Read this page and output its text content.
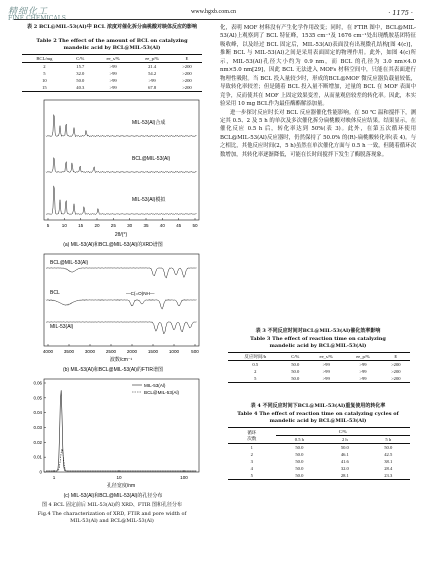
精细化工
FINE CHEMICALS
www.hgxb.com.cn	· 1175 ·
表 2 BCL@MIL-53(Al)中 BCL 浓度对催化拆分扁桃酸对映体反应的影响
Table 2 The effect of the amount of BCL on catalyzing
mandelic acid by BCL@MIL-53(Al)
BCL/mg	C/%	ee_s/%	ee_p/%	E
2	15.7	>99	21.4	>200
5	32.0	>99	54.2	>200
10	50.0	>99	>99	>200
15	40.3	>99	67.8	>200
MIL-53(Al)合成
BCL@MIL-53(Al)
MIL-53(Al)模拟
5	10 15 20 25 30 35 40 45 50
2θ/(°)
(a) MIL-53(Al)和BCL@MIL-53(Al)的XRD谱图
BCL@MIL-53(Al)
BCL
MIL-53(Al)
—C(=O)NH—
4000 3500 3000 2500 2000 1500 1000	500
波数/cm⁻¹
(b) MIL-53(Al)和BCL@MIL-53(Al)的FTIR谱图
0
0.01
0.02
0.03
0.04
0.05
0.06
1	10	100
MIL-53(Al)
BCL@MIL-53(Al)
孔径宽度/nm
(c) MIL-53(Al)和BCL@MIL-53(Al)的孔径分布
图 4 BCL 固定前后 MIL-53(Al)的 XRD、FTIR 图和孔径分布
Fig.4 The characterization of XRD, FTIR and pore width of
MIL-53(Al) and BCL@MIL-53(Al)

化，表明 MOF 材料没有产生化学作用改变；同时，在 FTIR 图中，BCL@MIL-53(Al)上观察到了 BCL 特征峰，1535 cm⁻¹及 1676 cm⁻¹处出现酰胺基团特征吸收峰，以及经过 BCL 固定后，MIL-53(Al)表面没有出现微孔结构[图 4(c)]，推断 BCL 与 MIL-53(Al)之间是采用表面固定的物理作用。此外，如图 4(c)所示，MIL-53(Al)孔径大小约为 0.9 nm，而 BCL 的孔径为 3.0 nm×4.0 nm×5.0 nm[29]，因此 BCL 无法进入 MOFs 材料空间中，只能在其表面进行物理性吸附。当 BCL 投入量较少时，形成的BCL@MOF 微反应器负载量较低，导致转化率较差；但是随着 BCL 投入量不断增加，过量的 BCL 在 MOF 表面中竞争，反而使其在 MOF 上固定效果变差，从而量观倍较差的转化率。因此，本实验采用 10 mg BCL作为最佳酶酯解添加量。

进一步探讨反应时长对 BCL 反应器催化性能影响。在 50 ℃ 温和搅拌下，测定其 0.5、2 及 5 h 的单次及多次催化拆分扁桃酸对映体反应结果。结果显示，在催化反应 0.5 h 后，转化率达到 50%(表 3)。此外，在第五次循环使用 BCL@MIL-53(Al)反应器时，仍然保持了 50.0% 的(R)-扁桃酸转化率(表 4)。与之相比，其他反应时间(2，5 h)虽然在单次催化方面与 0.5 h 一致，但随着循环次数增加，其转化率逐渐降低，可能在长时间搅拌下发生了酶脱落现象。

表 3 不同反应时间对BCL@MIL-53(Al)催化效率影响
Table 3 The effect of reaction time on catalyzing
mandelic acid by BCL@MIL-53(Al)
反应时间/h	C/%	ee_s/%	ee_p/%	E
0.5	50.0	>99	>99	>200
2	50.0	>99	>99	>200
5	50.0	>99	>99	>200
表 4 不同反应时间下BCL@MIL-53(Al)重复使用的转化率
Table 4 The effect of reaction time on catalyzing cycles of
mandelic acid by BCL@MIL-53(Al)
循环
次数	C/%		
	0.5 h	2 h	5 h
1	50.0	50.0	50.0
2	50.0	46.1	42.5
3	50.0	41.6	38.1
4	50.0	32.0	28.4
5	50.0	28.1	23.3
